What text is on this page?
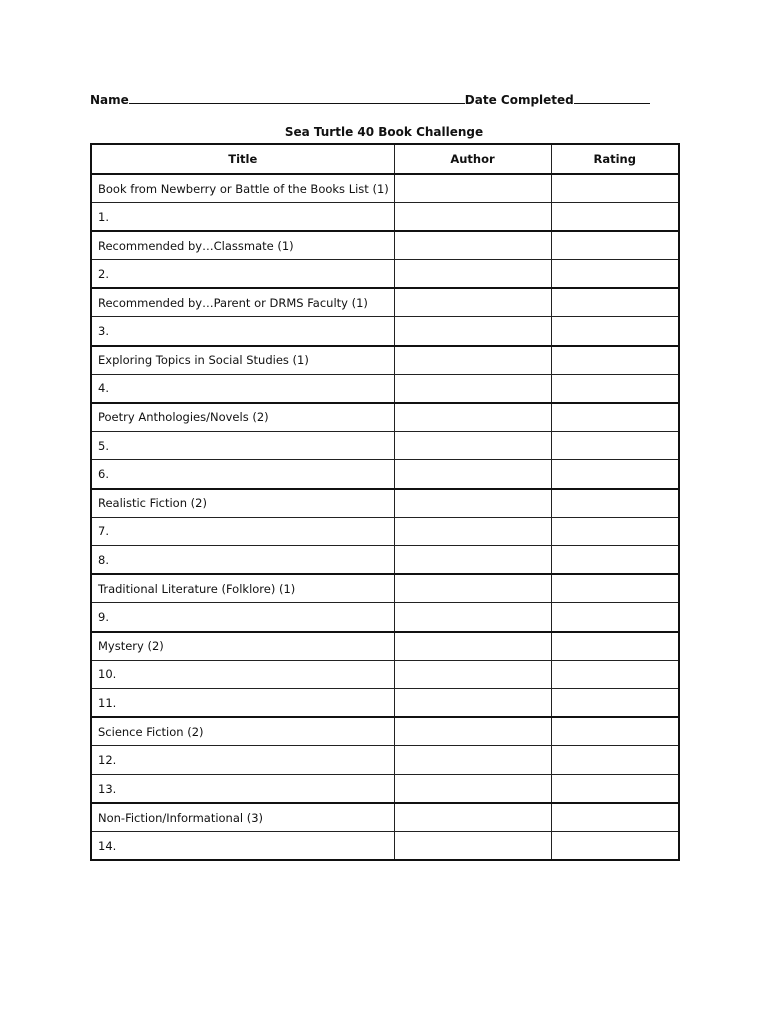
Name	Date Completed
Sea Turtle 40 Book Challenge
Title	Author	Rating
Book from Newberry or Battle of the Books List (1)		
1.		
Recommended by…Classmate (1)		
2.		
Recommended by…Parent or DRMS Faculty (1)		
3.		
Exploring Topics in Social Studies (1)		
4.		
Poetry Anthologies/Novels (2)		
5.		
6.		
Realistic Fiction (2)		
7.		
8.		
Traditional Literature (Folklore) (1)		
9.		
Mystery (2)		
10.		
11.		
Science Fiction (2)		
12.		
13.		
Non-Fiction/Informational (3)		
14.		
